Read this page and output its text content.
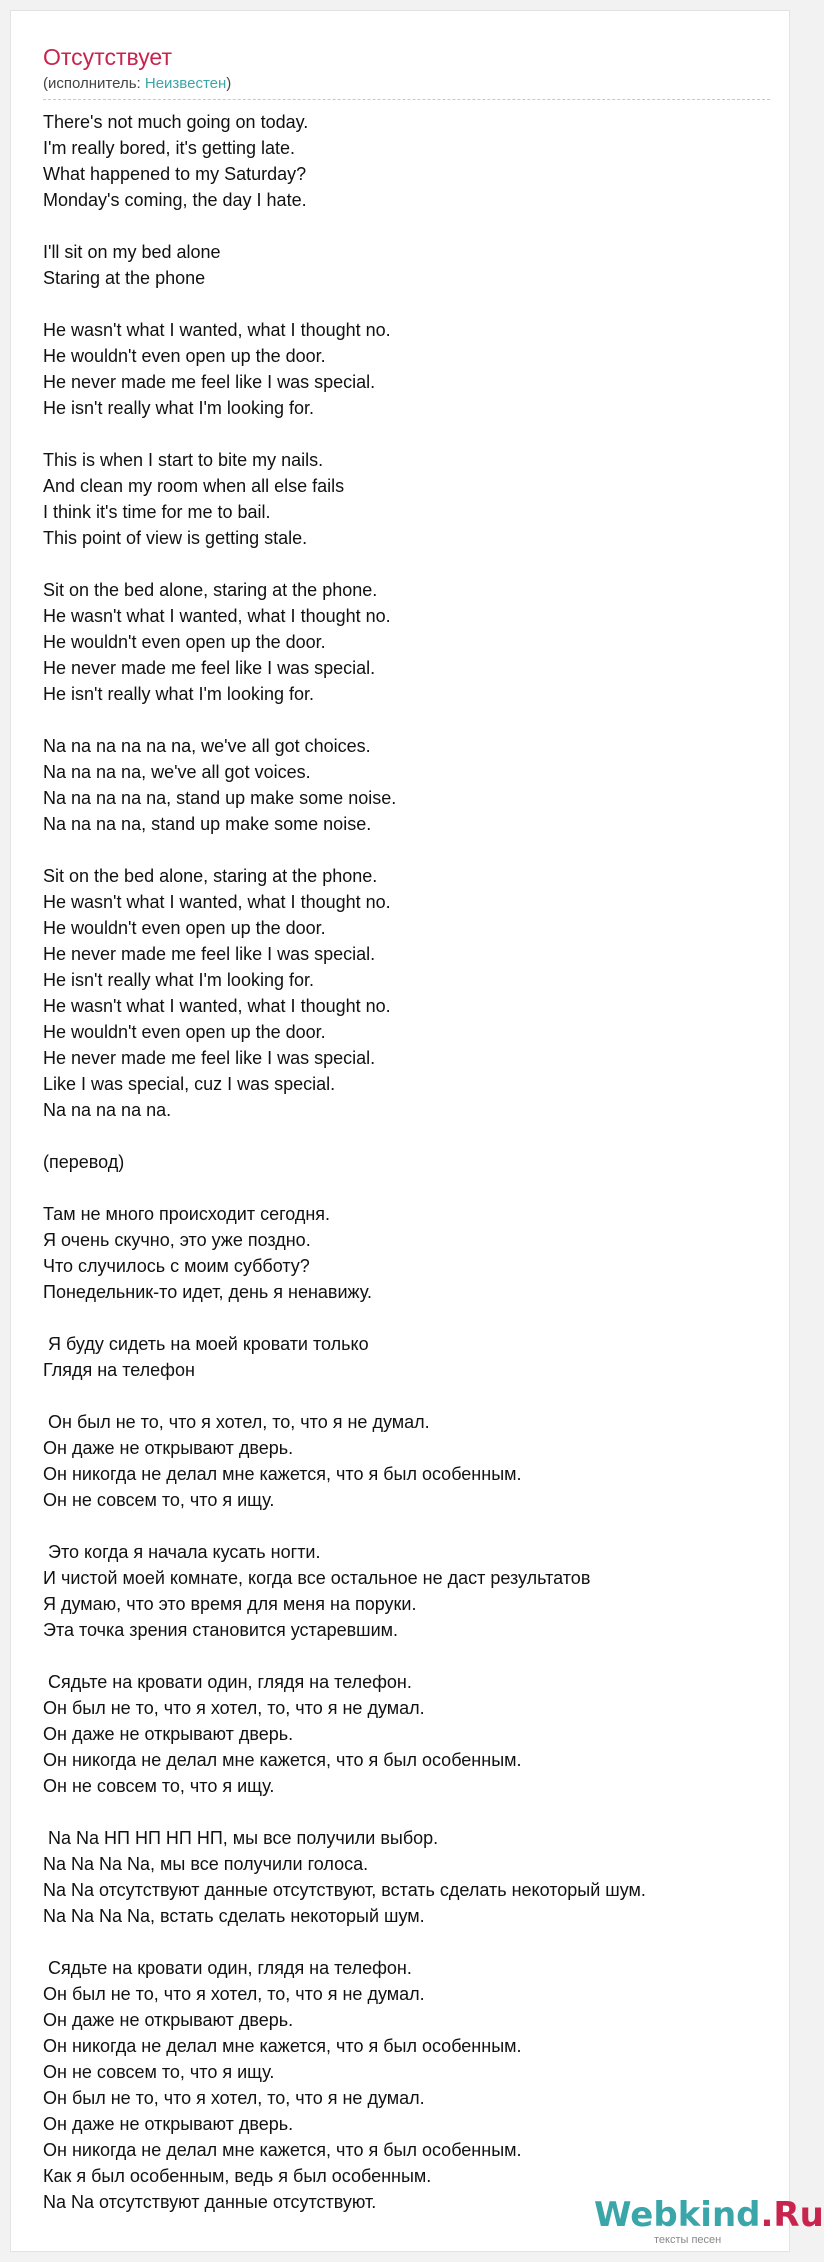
Отсутствует
(исполнитель: Неизвестен)
There's not much going on today.
I'm really bored, it's getting late.
What happened to my Saturday?
Monday's coming, the day I hate.
I'll sit on my bed alone
Staring at the phone
He wasn't what I wanted, what I thought no.
He wouldn't even open up the door.
He never made me feel like I was special.
He isn't really what I'm looking for.
This is when I start to bite my nails.
And clean my room when all else fails
I think it's time for me to bail.
This point of view is getting stale.
Sit on the bed alone, staring at the phone.
He wasn't what I wanted, what I thought no.
He wouldn't even open up the door.
He never made me feel like I was special.
He isn't really what I'm looking for.
Na na na na na na, we've all got choices.
Na na na na, we've all got voices.
Na na na na na, stand up make some noise.
Na na na na, stand up make some noise.
Sit on the bed alone, staring at the phone.
He wasn't what I wanted, what I thought no.
He wouldn't even open up the door.
He never made me feel like I was special.
He isn't really what I'm looking for.
He wasn't what I wanted, what I thought no.
He wouldn't even open up the door.
He never made me feel like I was special.
Like I was special, cuz I was special.
Na na na na na.
(перевод)
Там не много происходит сегодня.
Я очень скучно, это уже поздно.
Что случилось с моим субботу?
Понедельник-то идет, день я ненавижу.
Я буду сидеть на моей кровати только
Глядя на телефон
Он был не то, что я хотел, то, что я не думал.
Он даже не открывают дверь.
Он никогда не делал мне кажется, что я был особенным.
Он не совсем то, что я ищу.
Это когда я начала кусать ногти.
И чистой моей комнате, когда все остальное не даст результатов
Я думаю, что это время для меня на поруки.
Эта точка зрения становится устаревшим.
Сядьте на кровати один, глядя на телефон.
Он был не то, что я хотел, то, что я не думал.
Он даже не открывают дверь.
Он никогда не делал мне кажется, что я был особенным.
Он не совсем то, что я ищу.
Na Na НП НП НП НП, мы все получили выбор.
Na Na Na Na, мы все получили голоса.
Na Na отсутствуют данные отсутствуют, встать сделать некоторый шум.
Na Na Na Na, встать сделать некоторый шум.
Сядьте на кровати один, глядя на телефон.
Он был не то, что я хотел, то, что я не думал.
Он даже не открывают дверь.
Он никогда не делал мне кажется, что я был особенным.
Он не совсем то, что я ищу.
Он был не то, что я хотел, то, что я не думал.
Он даже не открывают дверь.
Он никогда не делал мне кажется, что я был особенным.
Как я был особенным, ведь я был особенным.
Na Na отсутствуют данные отсутствуют.	Webkind.Ru
тексты песен
